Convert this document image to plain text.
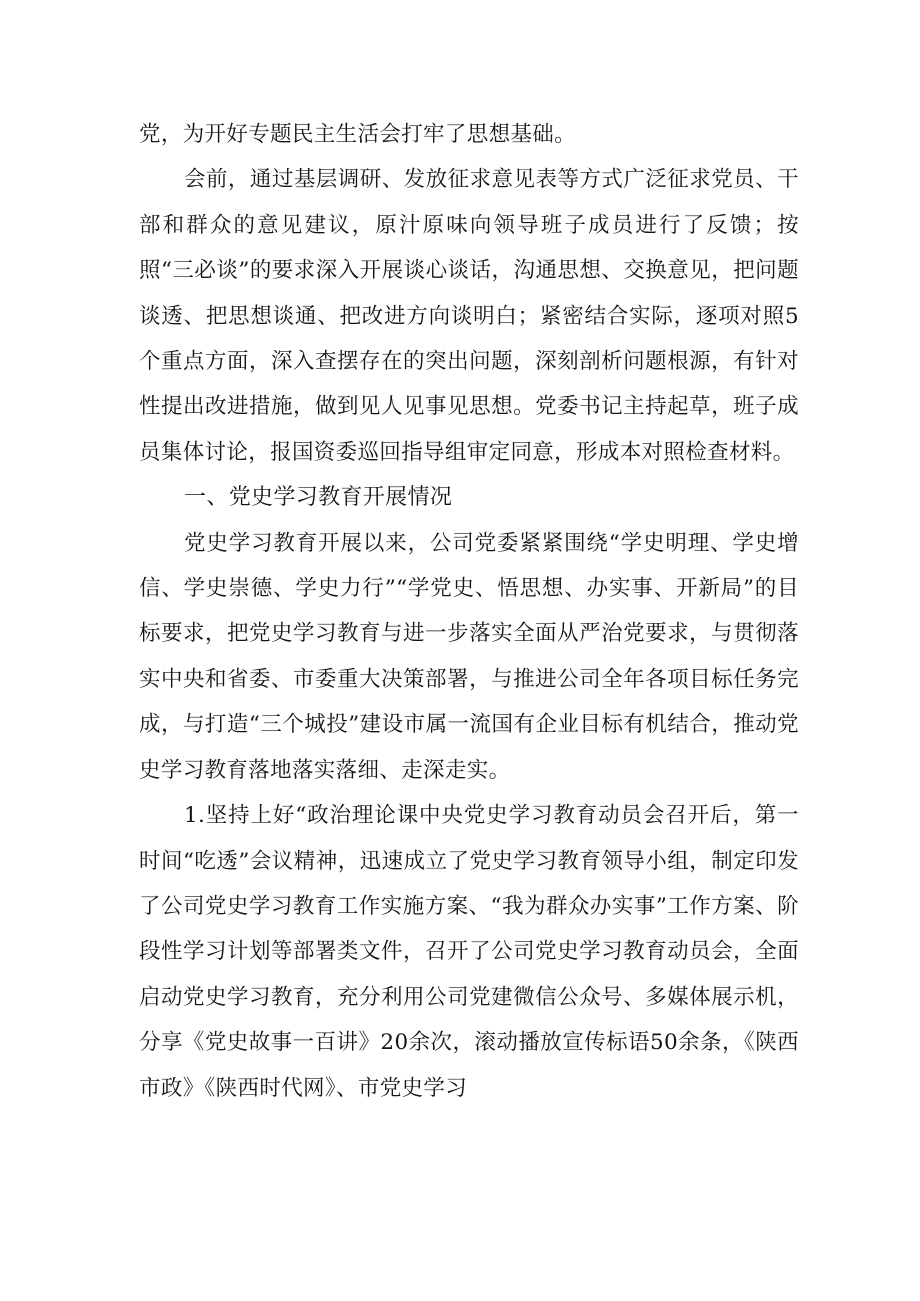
党，为开好专题民主生活会打牢了思想基础。

会前，通过基层调研、发放征求意见表等方式广泛征求党员、干部和群众的意见建议，原汁原味向领导班子成员进行了反馈；按照“三必谈”的要求深入开展谈心谈话，沟通思想、交换意见，把问题谈透、把思想谈通、把改进方向谈明白；紧密结合实际，逐项对照5个重点方面，深入查摆存在的突出问题，深刻剖析问题根源，有针对性提出改进措施，做到见人见事见思想。党委书记主持起草，班子成员集体讨论，报国资委巡回指导组审定同意，形成本对照检查材料。

一、党史学习教育开展情况

党史学习教育开展以来，公司党委紧紧围绕“学史明理、学史增信、学史崇德、学史力行”“学党史、悟思想、办实事、开新局”的目标要求，把党史学习教育与进一步落实全面从严治党要求，与贯彻落实中央和省委、市委重大决策部署，与推进公司全年各项目标任务完成，与打造“三个城投”建设市属一流国有企业目标有机结合，推动党史学习教育落地落实落细、走深走实。

1.坚持上好“政治理论课中央党史学习教育动员会召开后，第一时间“吃透”会议精神，迅速成立了党史学习教育领导小组，制定印发了公司党史学习教育工作实施方案、“我为群众办实事”工作方案、阶段性学习计划等部署类文件，召开了公司党史学习教育动员会，全面启动党史学习教育，充分利用公司党建微信公众号、多媒体展示机，分享《党史故事一百讲》20余次，滚动播放宣传标语50余条，《陕西市政》《陕西时代网》、市党史学习
